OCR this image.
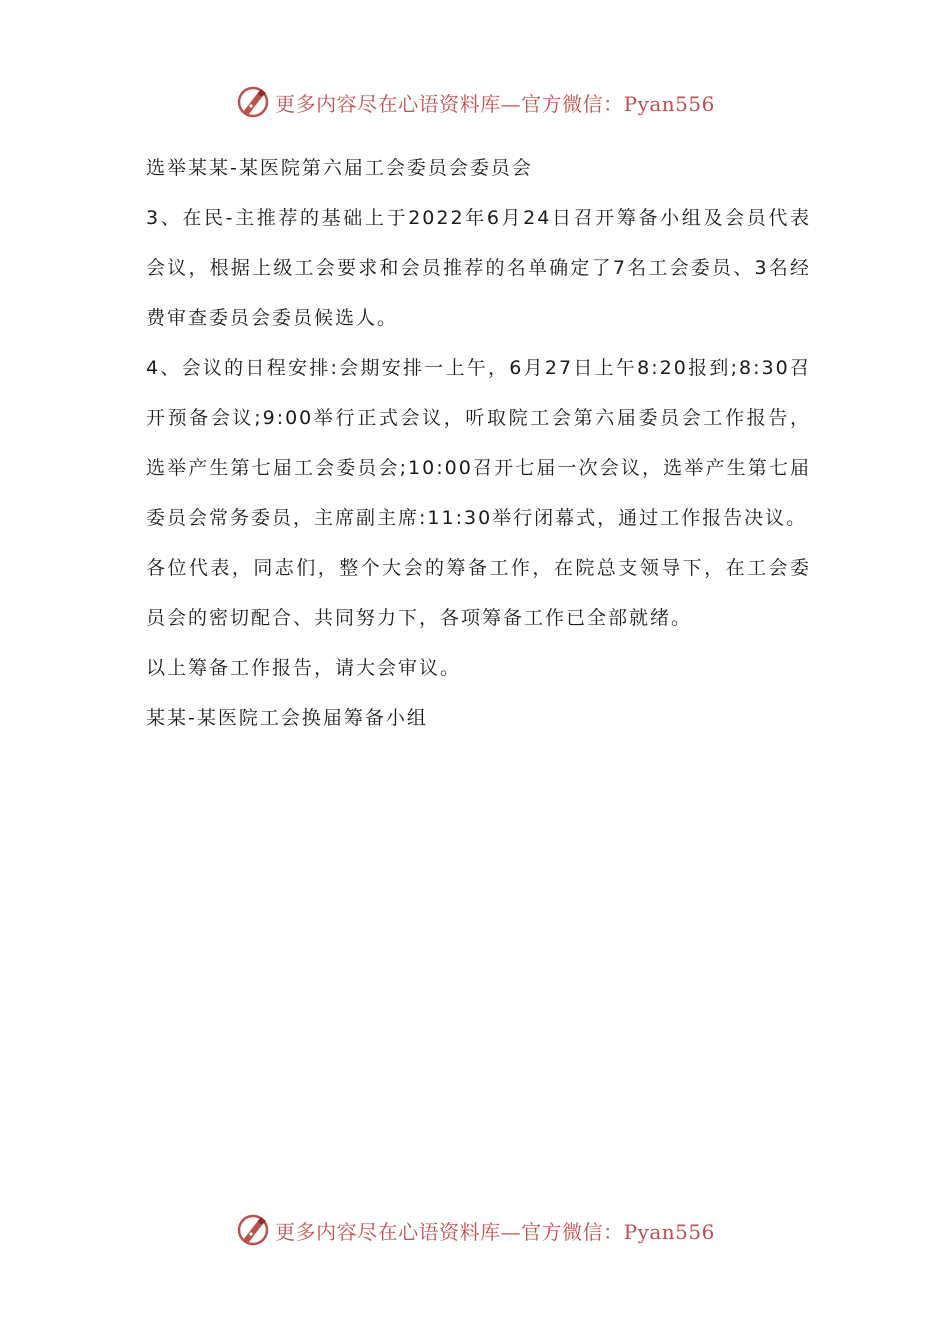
更多内容尽在心语资料库—官方微信：Pyan556

选举某某-某医院第六届工会委员会委员会

3、在民-主推荐的基础上于2022年6月24日召开筹备小组及会员代表会议，根据上级工会要求和会员推荐的名单确定了7名工会委员、3名经费审查委员会委员候选人。

4、会议的日程安排:会期安排一上午，6月27日上午8:20报到;8:30召开预备会议;9:00举行正式会议，听取院工会第六届委员会工作报告，选举产生第七届工会委员会;10:00召开七届一次会议，选举产生第七届委员会常务委员，主席副主席:11:30举行闭幕式，通过工作报告决议。

各位代表，同志们，整个大会的筹备工作，在院总支领导下，在工会委员会的密切配合、共同努力下，各项筹备工作已全部就绪。

以上筹备工作报告，请大会审议。

某某-某医院工会换届筹备小组

更多内容尽在心语资料库—官方微信：Pyan556
